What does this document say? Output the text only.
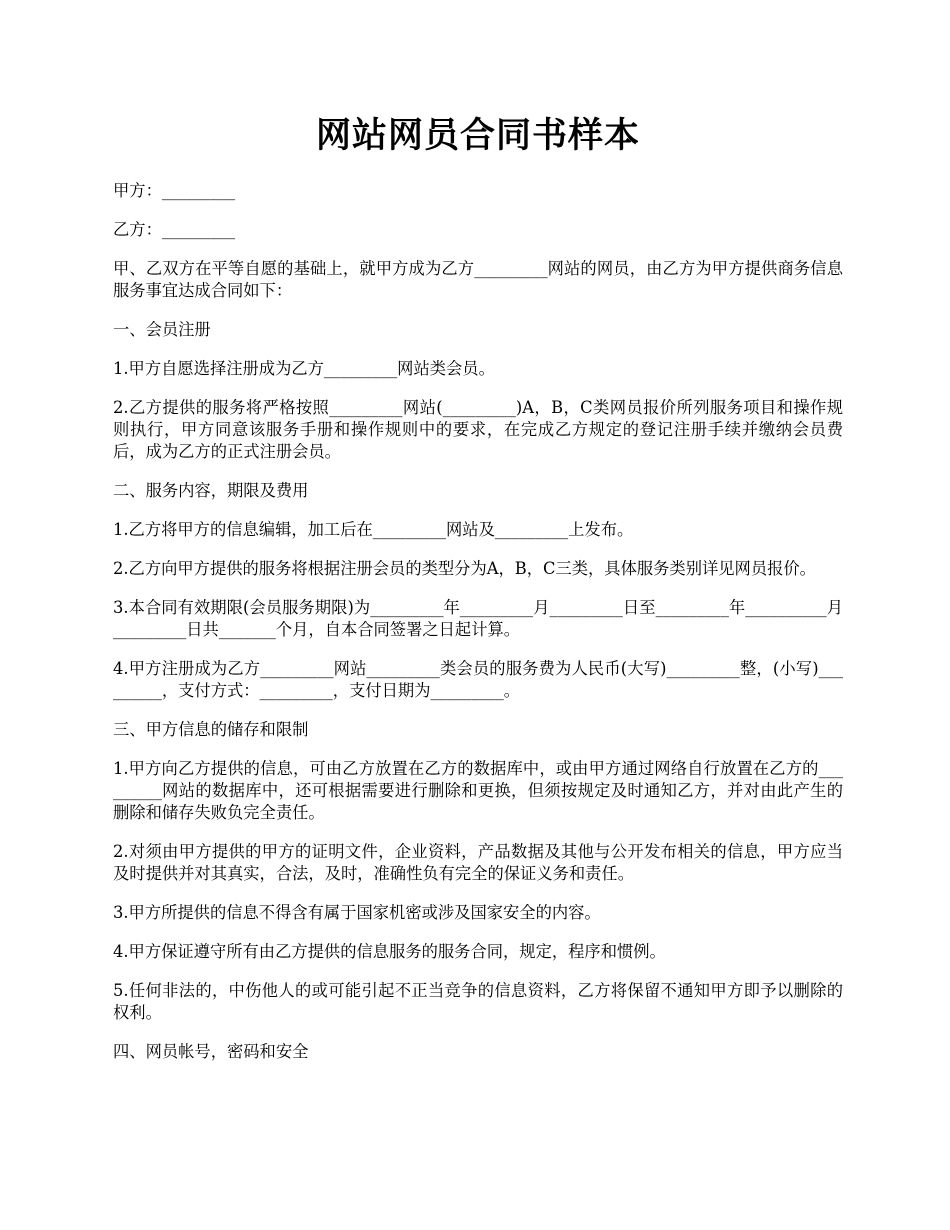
网站网员合同书样本

甲方：_________

乙方：_________

甲、乙双方在平等自愿的基础上，就甲方成为乙方_________网站的网员，由乙方为甲方提供商务信息服务事宜达成合同如下：

一、会员注册

1.甲方自愿选择注册成为乙方_________网站类会员。

2.乙方提供的服务将严格按照_________网站(_________)A，B，C类网员报价所列服务项目和操作规则执行，甲方同意该服务手册和操作规则中的要求，在完成乙方规定的登记注册手续并缴纳会员费后，成为乙方的正式注册会员。

二、服务内容，期限及费用

1.乙方将甲方的信息编辑，加工后在_________网站及_________上发布。

2.乙方向甲方提供的服务将根据注册会员的类型分为A，B，C三类，具体服务类别详见网员报价。

3.本合同有效期限(会员服务期限)为_________年_________月_________日至_________年__________月_________日共_______个月，自本合同签署之日起计算。

4.甲方注册成为乙方_________网站_________类会员的服务费为人民币(大写)_________整，(小写)_________，支付方式：_________，支付日期为_________。

三、甲方信息的储存和限制

1.甲方向乙方提供的信息，可由乙方放置在乙方的数据库中，或由甲方通过网络自行放置在乙方的_________网站的数据库中，还可根据需要进行删除和更换，但须按规定及时通知乙方，并对由此产生的删除和储存失败负完全责任。

2.对须由甲方提供的甲方的证明文件，企业资料，产品数据及其他与公开发布相关的信息，甲方应当及时提供并对其真实，合法，及时，准确性负有完全的保证义务和责任。

3.甲方所提供的信息不得含有属于国家机密或涉及国家安全的内容。

4.甲方保证遵守所有由乙方提供的信息服务的服务合同，规定，程序和惯例。

5.任何非法的，中伤他人的或可能引起不正当竞争的信息资料，乙方将保留不通知甲方即予以删除的权利。

四、网员帐号，密码和安全
